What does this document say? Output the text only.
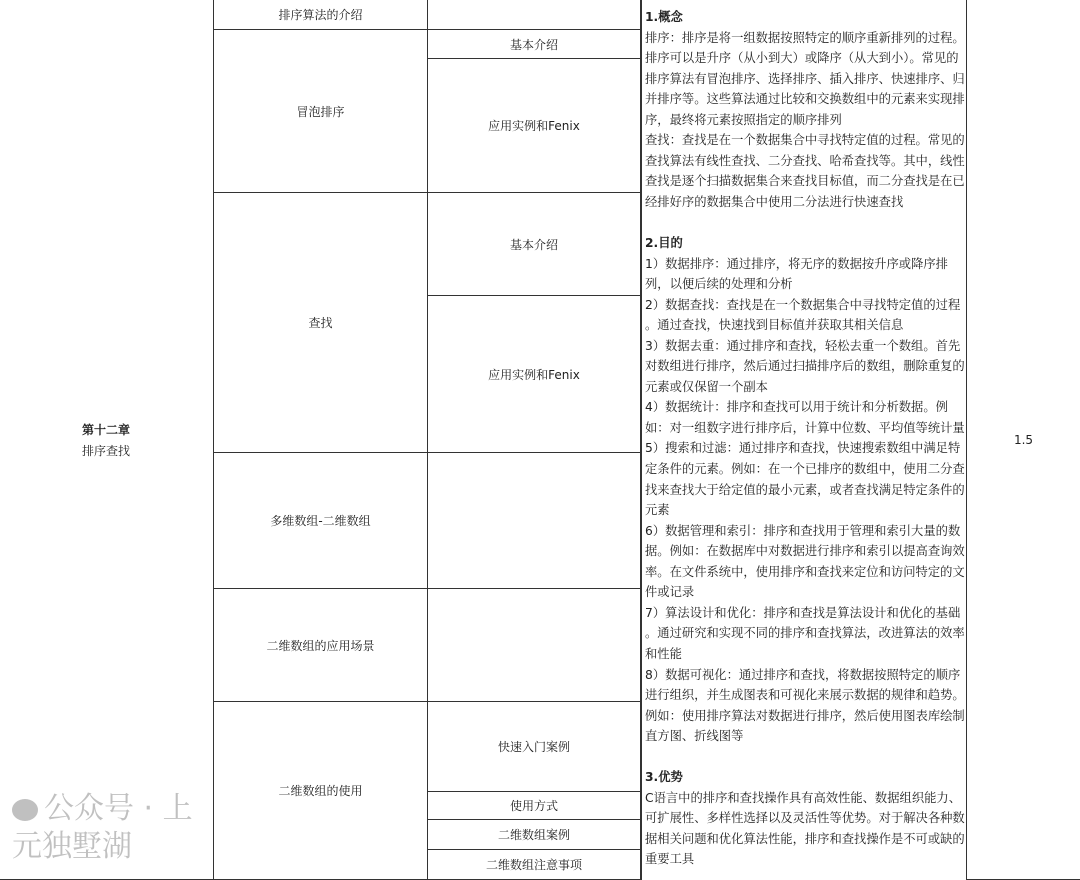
第十二章
排序查找
排序算法的介绍
冒泡排序
基本介绍
应用实例和Fenix
查找
基本介绍
应用实例和Fenix
多维数组-二维数组
二维数组的应用场景
二维数组的使用
快速入门案例
使用方式
二维数组案例
二维数组注意事项
1.概念
排序：排序是将一组数据按照特定的顺序重新排列的过程。
排序可以是升序（从小到大）或降序（从大到小）。常见的
排序算法有冒泡排序、选择排序、插入排序、快速排序、归
并排序等。这些算法通过比较和交换数组中的元素来实现排
序，最终将元素按照指定的顺序排列
查找：查找是在一个数据集合中寻找特定值的过程。常见的
查找算法有线性查找、二分查找、哈希查找等。其中，线性
查找是逐个扫描数据集合来查找目标值，而二分查找是在已
经排好序的数据集合中使用二分法进行快速查找
2.目的
1）数据排序：通过排序，将无序的数据按升序或降序排
列，以便后续的处理和分析
2）数据查找：查找是在一个数据集合中寻找特定值的过程
。通过查找，快速找到目标值并获取其相关信息
3）数据去重：通过排序和查找，轻松去重一个数组。首先
对数组进行排序，然后通过扫描排序后的数组，删除重复的
元素或仅保留一个副本
4）数据统计：排序和查找可以用于统计和分析数据。例
如：对一组数字进行排序后，计算中位数、平均值等统计量
5）搜索和过滤：通过排序和查找，快速搜索数组中满足特
定条件的元素。例如：在一个已排序的数组中，使用二分查
找来查找大于给定值的最小元素，或者查找满足特定条件的
元素
6）数据管理和索引：排序和查找用于管理和索引大量的数
据。例如：在数据库中对数据进行排序和索引以提高查询效
率。在文件系统中，使用排序和查找来定位和访问特定的文
件或记录
7）算法设计和优化：排序和查找是算法设计和优化的基础
。通过研究和实现不同的排序和查找算法，改进算法的效率
和性能
8）数据可视化：通过排序和查找，将数据按照特定的顺序
进行组织，并生成图表和可视化来展示数据的规律和趋势。
例如：使用排序算法对数据进行排序，然后使用图表库绘制
直方图、折线图等
3.优势
C语言中的排序和查找操作具有高效性能、数据组织能力、
可扩展性、多样性选择以及灵活性等优势。对于解决各种数
据相关问题和优化算法性能，排序和查找操作是不可或缺的
重要工具
1.5
公众号 · 上元独墅湖
